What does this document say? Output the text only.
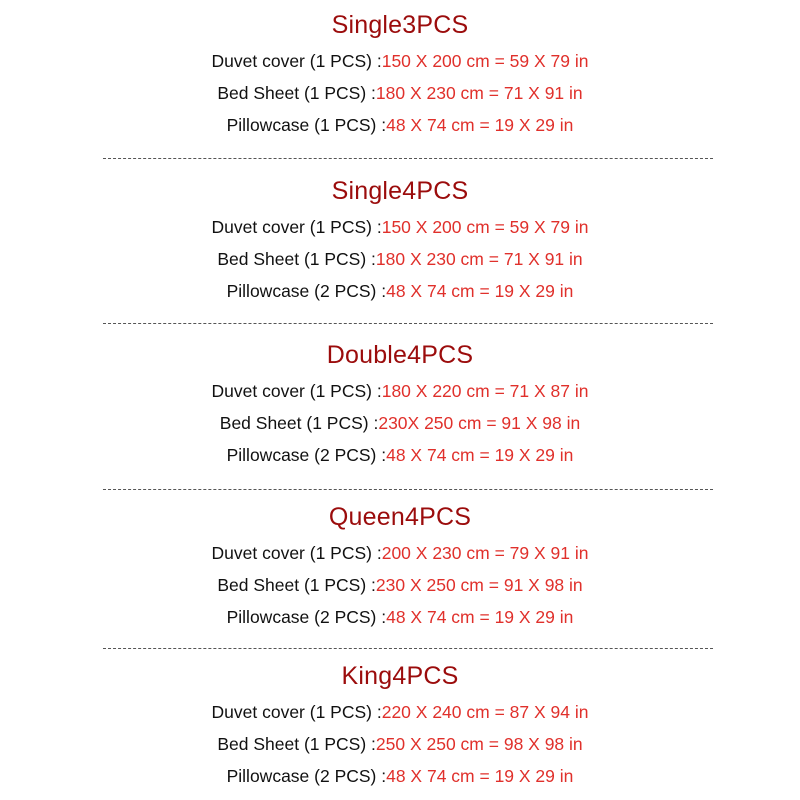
Single3PCS
Duvet cover (1 PCS) :150 X 200 cm = 59 X 79 in
Bed Sheet (1 PCS) :180 X 230 cm = 71 X 91 in
Pillowcase (1 PCS) :48 X 74 cm = 19 X 29 in
Single4PCS
Duvet cover (1 PCS) :150 X 200 cm = 59 X 79 in
Bed Sheet (1 PCS) :180 X 230 cm = 71 X 91 in
Pillowcase (2 PCS) :48 X 74 cm = 19 X 29 in
Double4PCS
Duvet cover (1 PCS) :180 X 220 cm = 71 X 87 in
Bed Sheet (1 PCS) :230X 250 cm = 91 X 98 in
Pillowcase (2 PCS) :48 X 74 cm = 19 X 29 in
Queen4PCS
Duvet cover (1 PCS) :200 X 230 cm = 79 X 91 in
Bed Sheet (1 PCS) :230 X 250 cm = 91 X 98 in
Pillowcase (2 PCS) :48 X 74 cm = 19 X 29 in
King4PCS
Duvet cover (1 PCS) :220 X 240 cm = 87 X 94 in
Bed Sheet (1 PCS) :250 X 250 cm = 98 X 98 in
Pillowcase (2 PCS) :48 X 74 cm = 19 X 29 in
